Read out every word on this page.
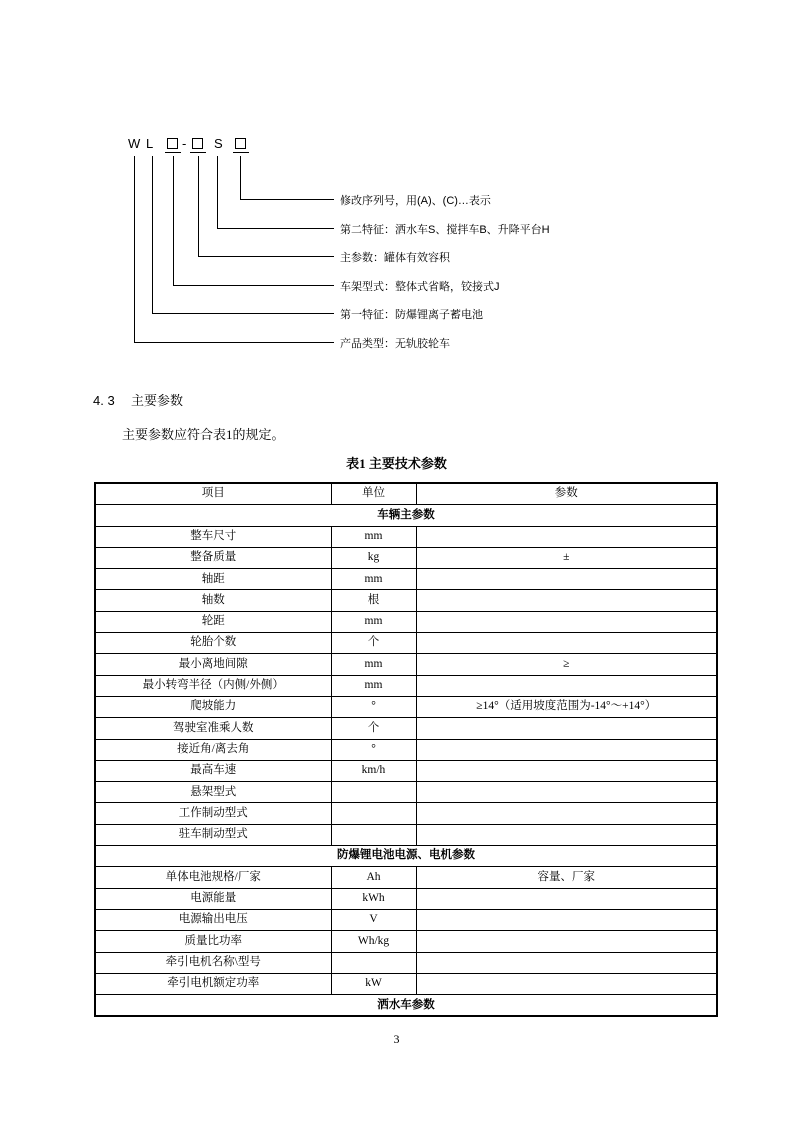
W L - S
修改序列号，用(A)、(C)…表示
第二特征：洒水车S、搅拌车B、升降平台H
主参数：罐体有效容积
车架型式：整体式省略，铰接式J
第一特征：防爆锂离子蓄电池
产品类型：无轨胶轮车
4. 3 主要参数
主要参数应符合表1的规定。
表1 主要技术参数
项目	单位	参数
车辆主参数		
整车尺寸	mm	
整备质量	kg	±
轴距	mm	
轴数	根	
轮距	mm	
轮胎个数	个	
最小离地间隙	mm	≥
最小转弯半径（内侧/外侧）	mm	
爬坡能力	°	≥14°（适用坡度范围为-14°～+14°）
驾驶室准乘人数	个	
接近角/离去角	°	
最高车速	km/h	
悬架型式		
工作制动型式		
驻车制动型式		
防爆锂电池电源、电机参数		
单体电池规格/厂家	Ah	容量、厂家
电源能量	kWh	
电源输出电压	V	
质量比功率	Wh/kg	
牵引电机名称\型号		
牵引电机额定功率	kW	
洒水车参数		
3
